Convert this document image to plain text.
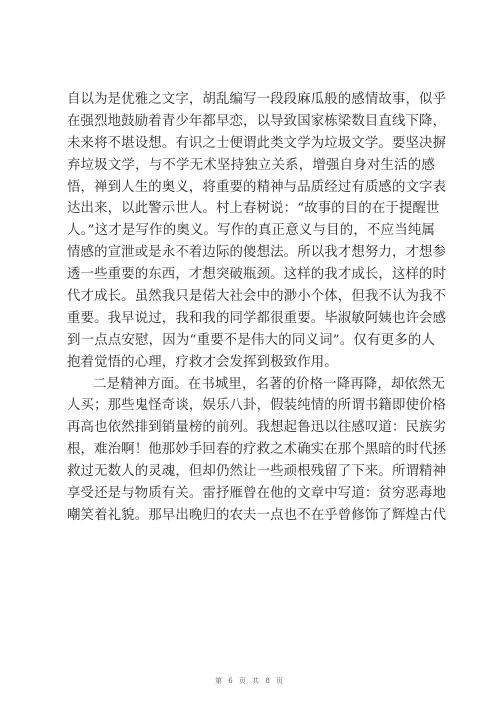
自以为是优雅之文字，胡乱编写一段段麻瓜般的感情故事，似乎
在强烈地鼓励着青少年都早恋，以导致国家栋梁数目直线下降，
未来将不堪设想。有识之士便谓此类文学为垃圾文学。要坚决摒
弃垃圾文学，与不学无术坚持独立关系，增强自身对生活的感
悟，禅到人生的奥义，将重要的精神与品质经过有质感的文字表
达出来，以此警示世人。村上春树说：“故事的目的在于提醒世
人。”这才是写作的奥义。写作的真正意义与目的，不应当纯属
情感的宣泄或是永不着边际的傻想法。所以我才想努力，才想参
透一些重要的东西，才想突破瓶颈。这样的我才成长，这样的时
代才成长。虽然我只是偌大社会中的渺小个体，但我不认为我不
重要。我早说过，我和我的同学都很重要。毕淑敏阿姨也许会感
到一点点安慰，因为“重要不是伟大的同义词”。仅有更多的人
抱着觉悟的心理，疗救才会发挥到极致作用。
二是精神方面。在书城里，名著的价格一降再降，却依然无
人买；那些鬼怪奇谈，娱乐八卦，假装纯情的所谓书籍即使价格
再高也依然排到销量榜的前列。我想起鲁迅以往感叹道：民族劣
根，难治啊！他那妙手回春的疗救之术确实在那个黑暗的时代拯
救过无数人的灵魂，但却仍然让一些顽根残留了下来。所谓精神
享受还是与物质有关。雷抒雁曾在他的文章中写道：贫穷恶毒地
嘲笑着礼貌。那早出晚归的农夫一点也不在乎曾修饰了辉煌古代
第 6 页 共 8 页
